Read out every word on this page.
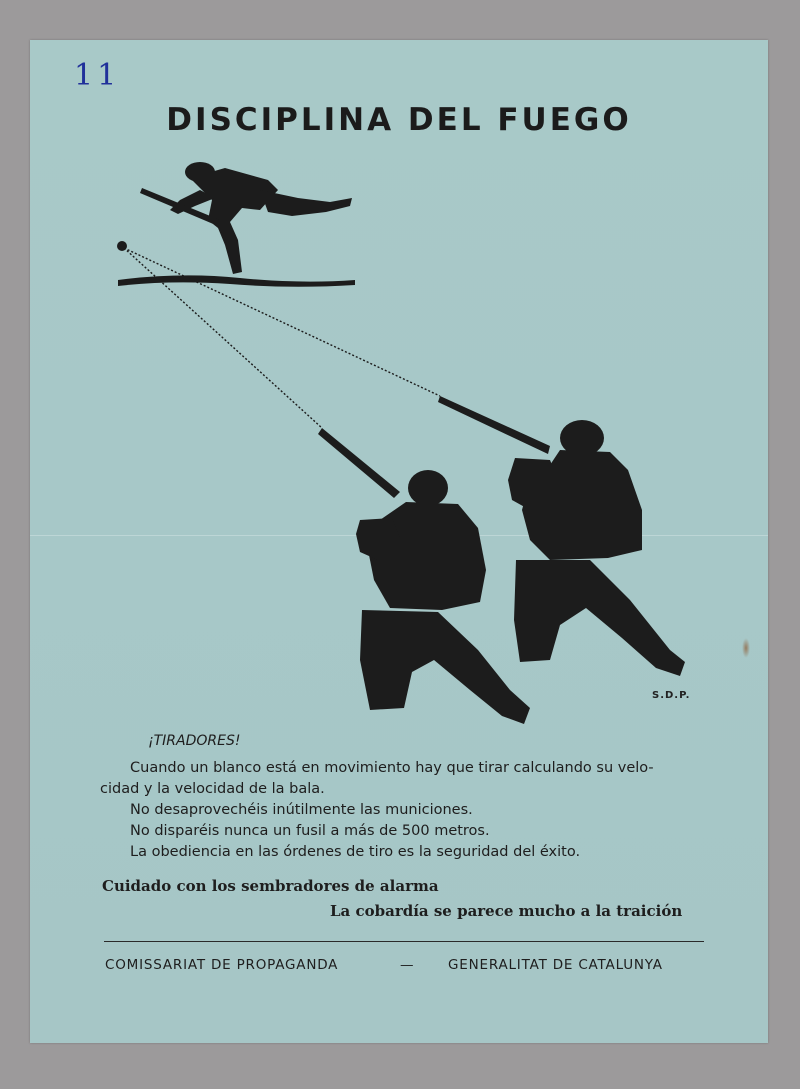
11
DISCIPLINA DEL FUEGO
S.D.P.
¡TIRADORES!

Cuando un blanco está en movimiento hay que tirar calculando su velo-

cidad y la velocidad de la bala.

No desaprovechéis inútilmente las municiones.

No disparéis nunca un fusil a más de 500 metros.

La obediencia en las órdenes de tiro es la seguridad del éxito.

Cuidado con los sembradores de alarma
La cobardía se parece mucho a la traición
COMISSARIAT DE PROPAGANDA	—	GENERALITAT DE CATALUNYA
